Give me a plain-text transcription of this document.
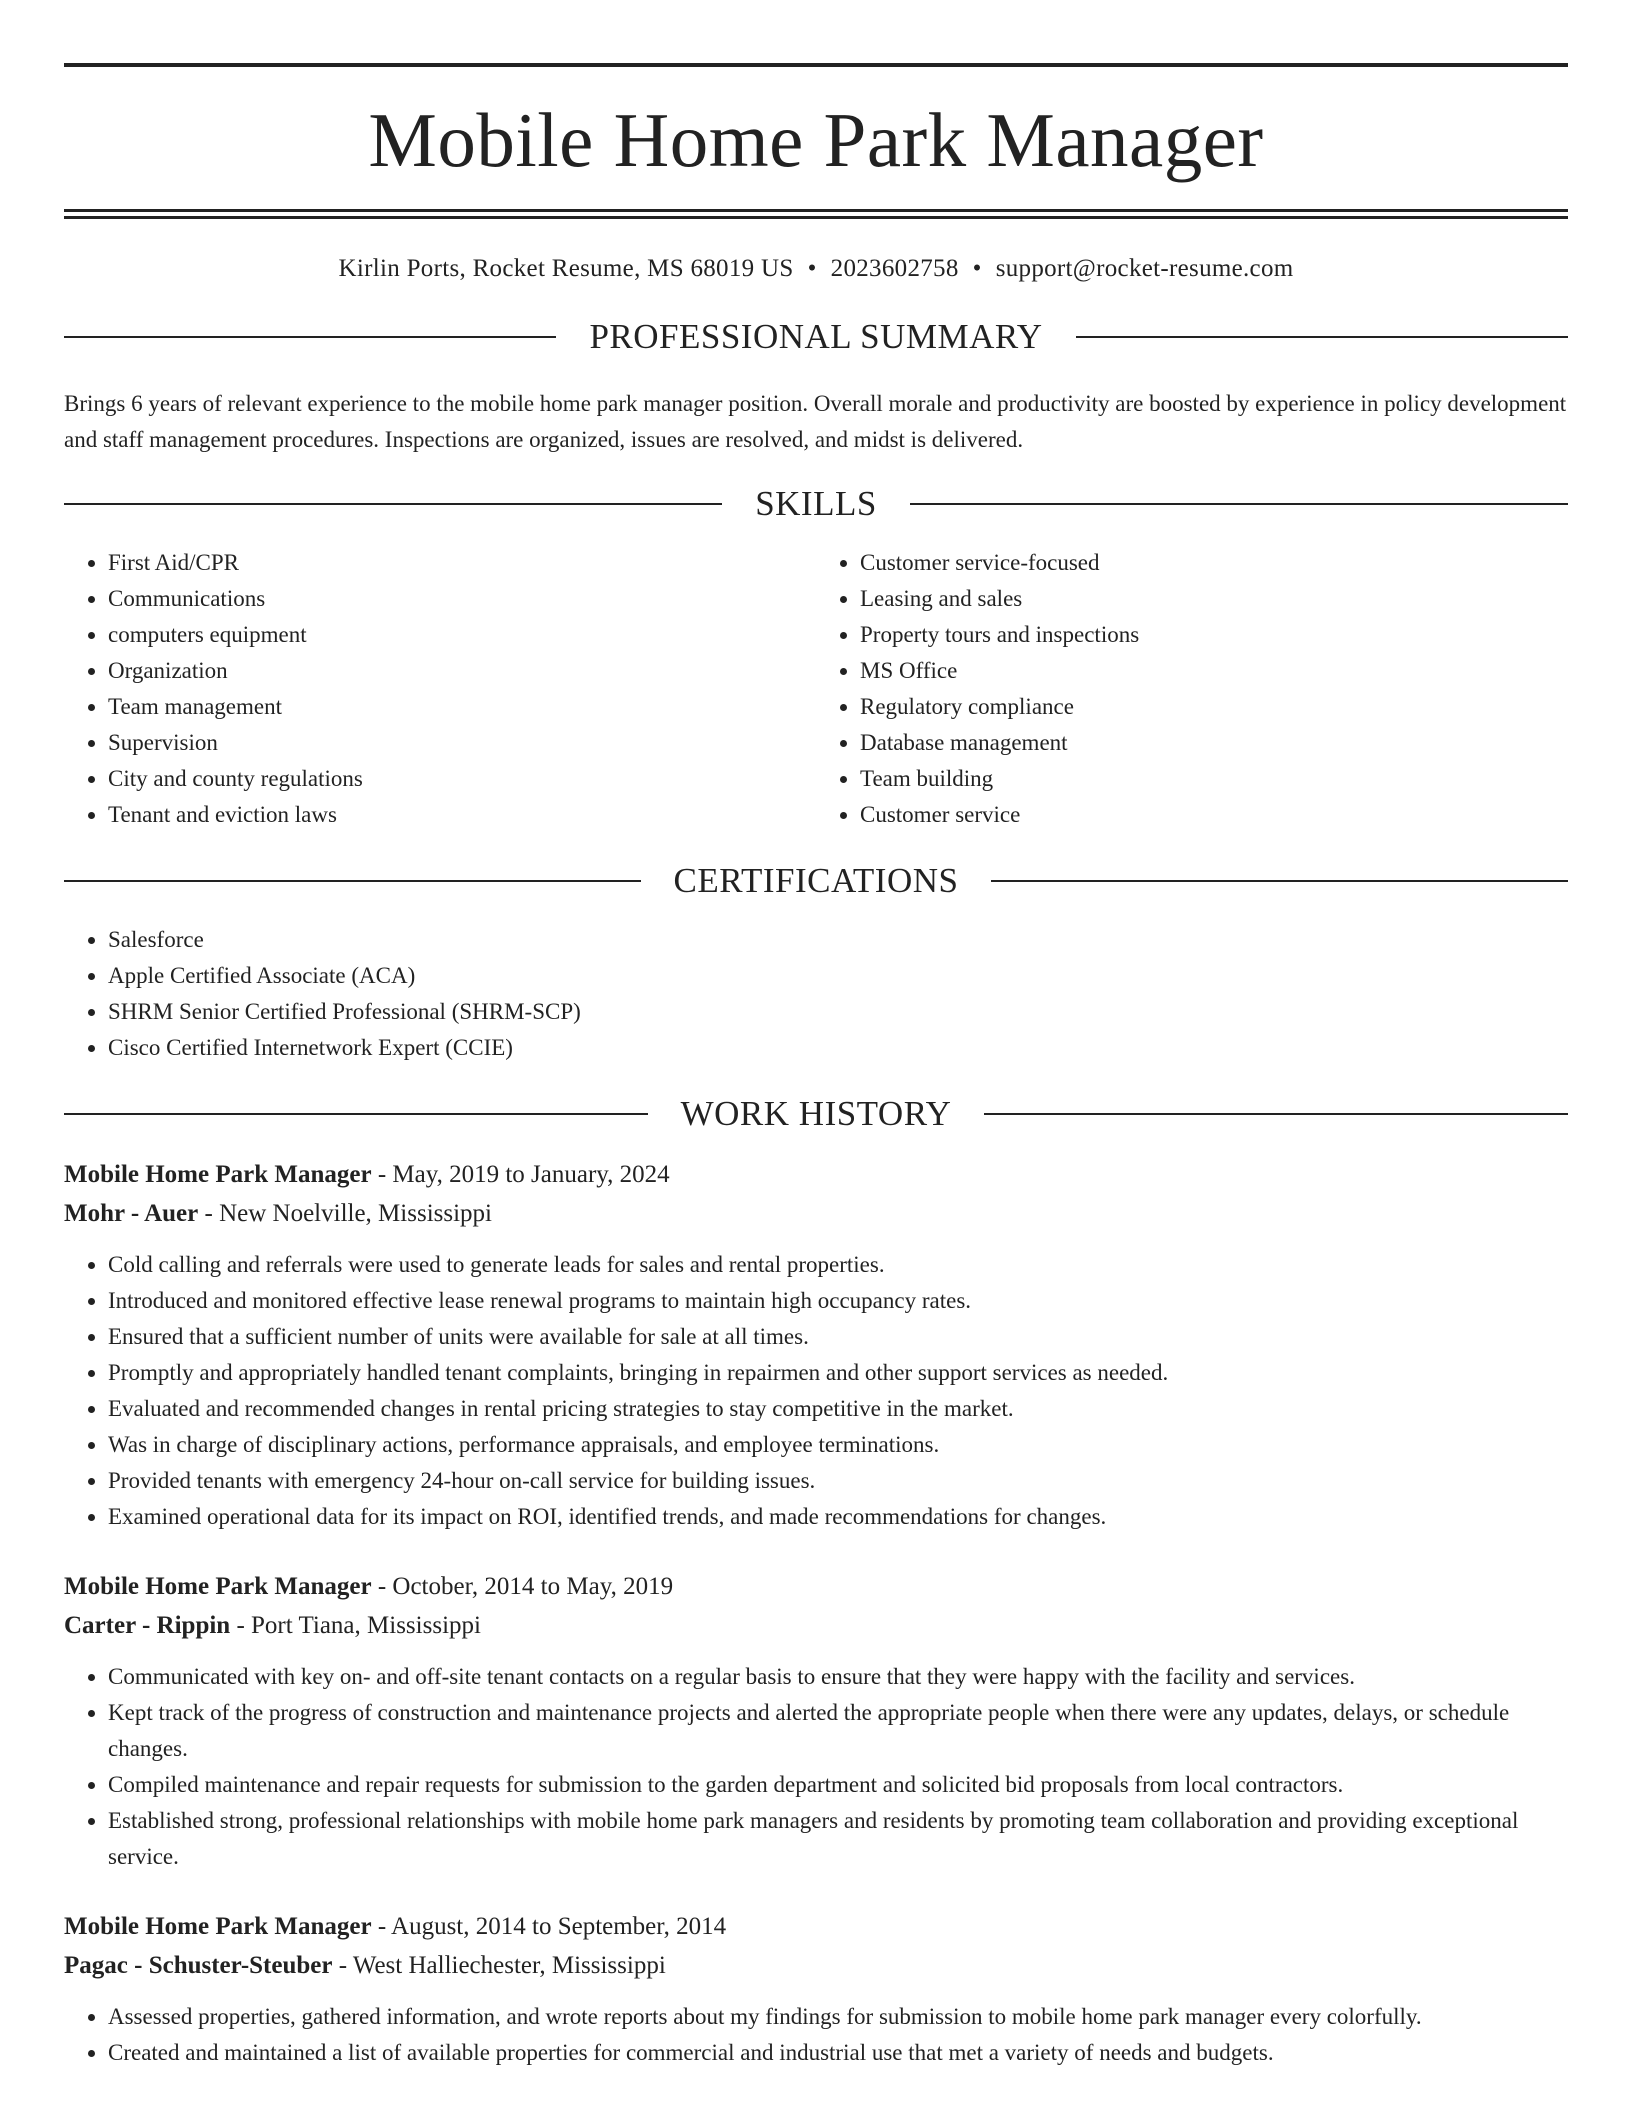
Mobile Home Park Manager
Kirlin Ports, Rocket Resume, MS 68019 US • 2023602758 • support@rocket-resume.com
PROFESSIONAL SUMMARY
Brings 6 years of relevant experience to the mobile home park manager position. Overall morale and productivity are boosted by experience in policy development and staff management procedures. Inspections are organized, issues are resolved, and midst is delivered.
SKILLS
• First Aid/CPR
• Communications
• computers equipment
• Organization
• Team management
• Supervision
• City and county regulations
• Tenant and eviction laws
• Customer service-focused
• Leasing and sales
• Property tours and inspections
• MS Office
• Regulatory compliance
• Database management
• Team building
• Customer service
CERTIFICATIONS
• Salesforce
• Apple Certified Associate (ACA)
• SHRM Senior Certified Professional (SHRM-SCP)
• Cisco Certified Internetwork Expert (CCIE)
WORK HISTORY
Mobile Home Park Manager - May, 2019 to January, 2024
Mohr - Auer - New Noelville, Mississippi
• Cold calling and referrals were used to generate leads for sales and rental properties.
• Introduced and monitored effective lease renewal programs to maintain high occupancy rates.
• Ensured that a sufficient number of units were available for sale at all times.
• Promptly and appropriately handled tenant complaints, bringing in repairmen and other support services as needed.
• Evaluated and recommended changes in rental pricing strategies to stay competitive in the market.
• Was in charge of disciplinary actions, performance appraisals, and employee terminations.
• Provided tenants with emergency 24-hour on-call service for building issues.
• Examined operational data for its impact on ROI, identified trends, and made recommendations for changes.
Mobile Home Park Manager - October, 2014 to May, 2019
Carter - Rippin - Port Tiana, Mississippi
• Communicated with key on- and off-site tenant contacts on a regular basis to ensure that they were happy with the facility and services.
• Kept track of the progress of construction and maintenance projects and alerted the appropriate people when there were any updates, delays, or schedule changes.
• Compiled maintenance and repair requests for submission to the garden department and solicited bid proposals from local contractors.
• Established strong, professional relationships with mobile home park managers and residents by promoting team collaboration and providing exceptional service.
Mobile Home Park Manager - August, 2014 to September, 2014
Pagac - Schuster-Steuber - West Halliechester, Mississippi
• Assessed properties, gathered information, and wrote reports about my findings for submission to mobile home park manager every colorfully.
• Created and maintained a list of available properties for commercial and industrial use that met a variety of needs and budgets.
